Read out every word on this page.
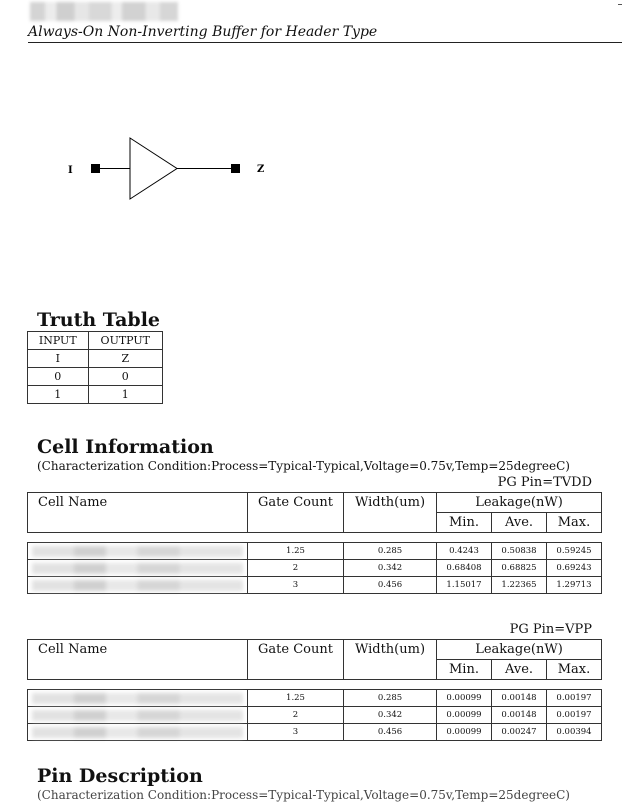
Always-On Non-Inverting Buffer for Header Type
I	Z
Truth Table
INPUT	OUTPUT
I	Z
0	0
1	1
Cell Information
(Characterization Condition:Process=Typical-Typical,Voltage=0.75v,Temp=25degreeC)
PG Pin=TVDD
Cell Name	Gate Count	Width(um)	Leakage(nW)		
			Min.	Ave.	Max.

	1.25	0.285	0.4243	0.50838	0.59245

	2	0.342	0.68408	0.68825	0.69243

	3	0.456	1.15017	1.22365	1.29713
PG Pin=VPP
Cell Name	Gate Count	Width(um)	Leakage(nW)		
			Min.	Ave.	Max.

	1.25	0.285	0.00099	0.00148	0.00197

	2	0.342	0.00099	0.00148	0.00197

	3	0.456	0.00099	0.00247	0.00394
Pin Description
(Characterization Condition:Process=Typical-Typical,Voltage=0.75v,Temp=25degreeC)
